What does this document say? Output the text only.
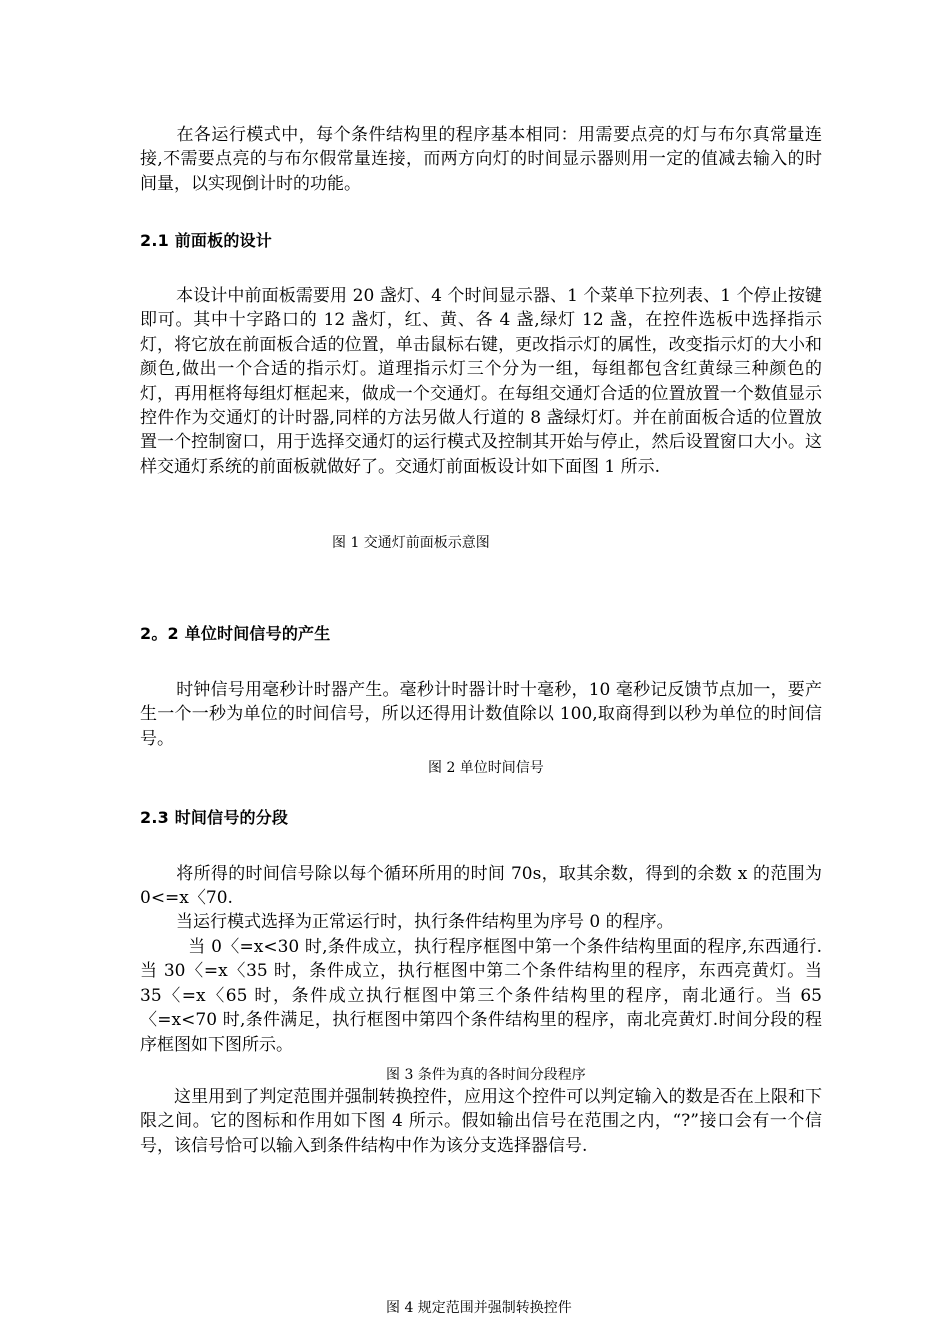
在各运行模式中，每个条件结构里的程序基本相同：用需要点亮的灯与布尔真常量连接,不需要点亮的与布尔假常量连接，而两方向灯的时间显示器则用一定的值减去输入的时间量，以实现倒计时的功能。

2.1 前面板的设计

本设计中前面板需要用 20 盏灯、4 个时间显示器、1 个菜单下拉列表、1 个停止按键即可。其中十字路口的 12 盏灯，红、黄、各 4 盏,绿灯 12 盏，在控件选板中选择指示灯，将它放在前面板合适的位置，单击鼠标右键，更改指示灯的属性，改变指示灯的大小和颜色,做出一个合适的指示灯。道理指示灯三个分为一组，每组都包含红黄绿三种颜色的灯，再用框将每组灯框起来，做成一个交通灯。在每组交通灯合适的位置放置一个数值显示控件作为交通灯的计时器,同样的方法另做人行道的 8 盏绿灯灯。并在前面板合适的位置放置一个控制窗口，用于选择交通灯的运行模式及控制其开始与停止，然后设置窗口大小。这样交通灯系统的前面板就做好了。交通灯前面板设计如下面图 1 所示.

图 1 交通灯前面板示意图

2。2 单位时间信号的产生

时钟信号用毫秒计时器产生。毫秒计时器计时十毫秒，10 毫秒记反馈节点加一，要产生一个一秒为单位的时间信号，所以还得用计数值除以 100,取商得到以秒为单位的时间信号。

图 2 单位时间信号

2.3 时间信号的分段

将所得的时间信号除以每个循环所用的时间 70s，取其余数，得到的余数 x 的范围为 0<=x〈70.

当运行模式选择为正常运行时，执行条件结构里为序号 0 的程序。

当 0〈=x<30 时,条件成立，执行程序框图中第一个条件结构里面的程序,东西通行.当 30〈=x〈35 时，条件成立，执行框图中第二个条件结构里的程序，东西亮黄灯。当 35〈=x〈65 时，条件成立执行框图中第三个条件结构里的程序，南北通行。当 65〈=x<70 时,条件满足，执行框图中第四个条件结构里的程序，南北亮黄灯.时间分段的程序框图如下图所示。

图 3 条件为真的各时间分段程序

这里用到了判定范围并强制转换控件，应用这个控件可以判定输入的数是否在上限和下限之间。它的图标和作用如下图 4 所示。假如输出信号在范围之内，“?”接口会有一个信号，该信号恰可以输入到条件结构中作为该分支选择器信号.

图 4 规定范围并强制转换控件
